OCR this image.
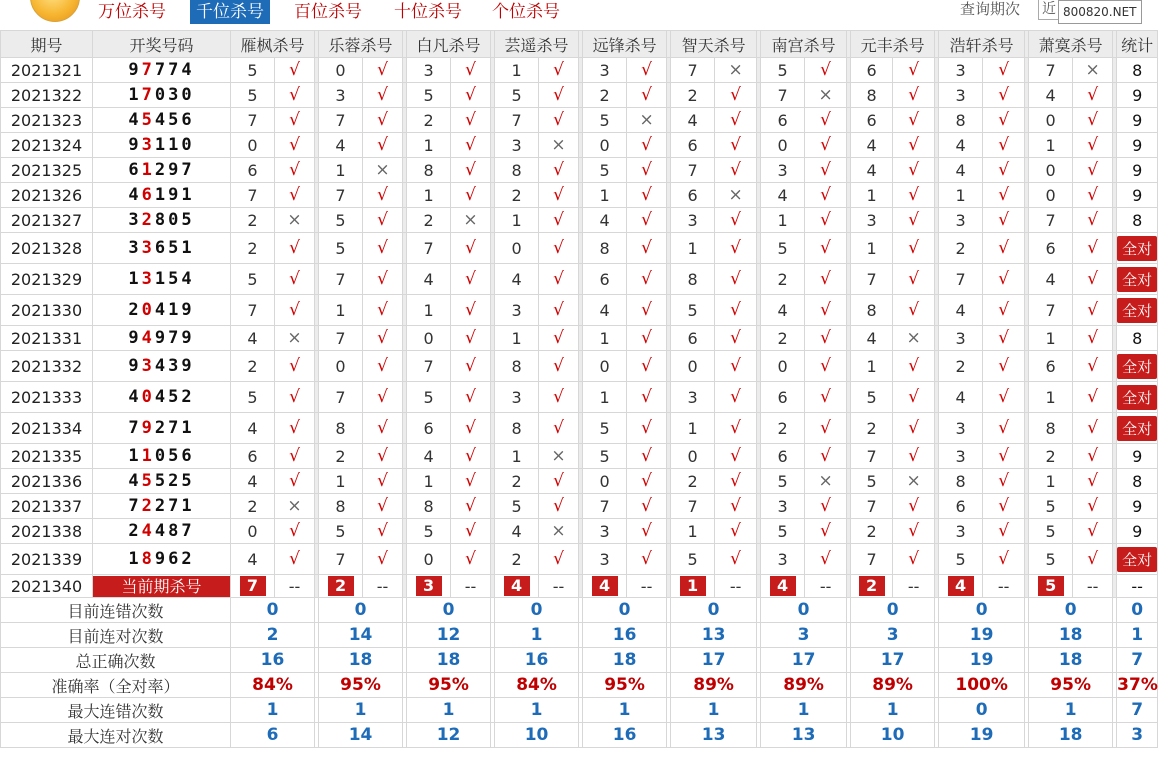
万位杀号	千位杀号	百位杀号	十位杀号	个位杀号	查询期次 近 800820.NET
期号	开奖号码	雁枫杀号			乐蓉杀号			白凡杀号			芸遥杀号			远锋杀号			智天杀号			南宫杀号			元丰杀号			浩轩杀号			萧寞杀号			统计
2021321	97774	5	√		0	√		3	√		1	√		3	√		7	×		5	√		6	√		3	√		7	×		8
2021322	17030	5	√		3	√		5	√		5	√		2	√		2	√		7	×		8	√		3	√		4	√		9
2021323	45456	7	√		7	√		2	√		7	√		5	×		4	√		6	√		6	√		8	√		0	√		9
2021324	93110	0	√		4	√		1	√		3	×		0	√		6	√		0	√		4	√		4	√		1	√		9
2021325	61297	6	√		1	×		8	√		8	√		5	√		7	√		3	√		4	√		4	√		0	√		9
2021326	46191	7	√		7	√		1	√		2	√		1	√		6	×		4	√		1	√		1	√		0	√		9
2021327	32805	2	×		5	√		2	×		1	√		4	√		3	√		1	√		3	√		3	√		7	√		8
2021328	33651	2	√		5	√		7	√		0	√		8	√		1	√		5	√		1	√		2	√		6	√		全对
2021329	13154	5	√		7	√		4	√		4	√		6	√		8	√		2	√		7	√		7	√		4	√		全对
2021330	20419	7	√		1	√		1	√		3	√		4	√		5	√		4	√		8	√		4	√		7	√		全对
2021331	94979	4	×		7	√		0	√		1	√		1	√		6	√		2	√		4	×		3	√		1	√		8
2021332	93439	2	√		0	√		7	√		8	√		0	√		0	√		0	√		1	√		2	√		6	√		全对
2021333	40452	5	√		7	√		5	√		3	√		1	√		3	√		6	√		5	√		4	√		1	√		全对
2021334	79271	4	√		8	√		6	√		8	√		5	√		1	√		2	√		2	√		3	√		8	√		全对
2021335	11056	6	√		2	√		4	√		1	×		5	√		0	√		6	√		7	√		3	√		2	√		9
2021336	45525	4	√		1	√		1	√		2	√		0	√		2	√		5	×		5	×		8	√		1	√		8
2021337	72271	2	×		8	√		8	√		5	√		7	√		7	√		3	√		7	√		6	√		5	√		9
2021338	24487	0	√		5	√		5	√		4	×		3	√		1	√		5	√		2	√		3	√		5	√		9
2021339	18962	4	√		7	√		0	√		2	√		3	√		5	√		3	√		7	√		5	√		5	√		全对
2021340	当前期杀号	7	--		2	--		3	--		4	--		4	--		1	--		4	--		2	--		4	--		5	--		--
目前连错次数		0			0			0			0			0			0			0			0			0			0			0
目前连对次数		2			14			12			1			16			13			3			3			19			18			1
总正确次数		16			18			18			16			18			17			17			17			19			18			7
准确率（全对率）		84%			95%			95%			84%			95%			89%			89%			89%			100%			95%			37%
最大连错次数		1			1			1			1			1			1			1			1			0			1			7
最大连对次数		6			14			12			10			16			13			13			10			19			18			3
